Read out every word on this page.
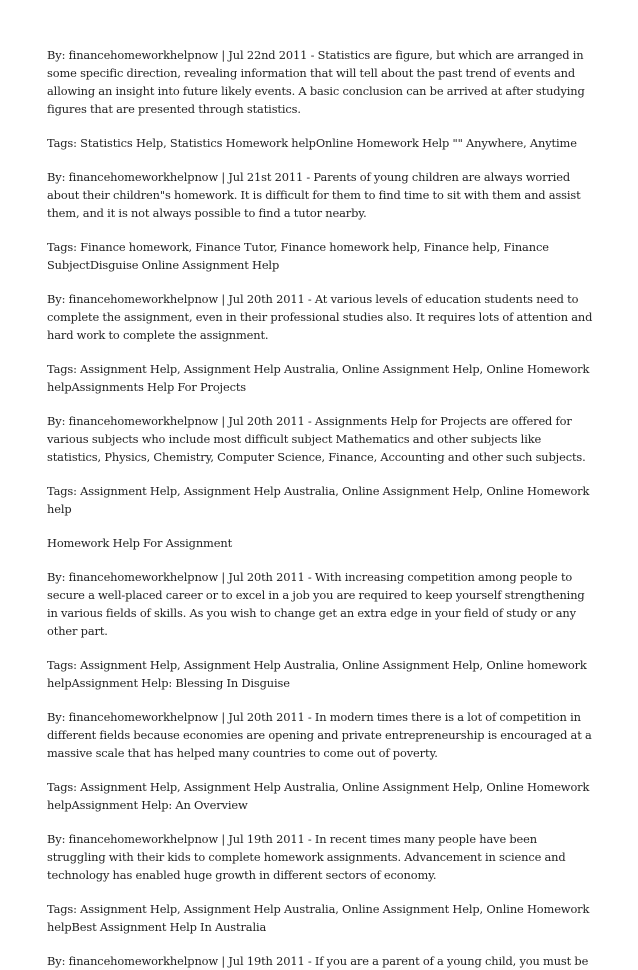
By: financehomeworkhelpnow | Jul 22nd 2011 - Statistics are figure, but which are arranged in some specific direction, revealing information that will tell about the past trend of events and allowing an insight into future likely events. A basic conclusion can be arrived at after studying figures that are presented through statistics.

Tags: Statistics Help, Statistics Homework helpOnline Homework Help "" Anywhere, Anytime

By: financehomeworkhelpnow | Jul 21st 2011 - Parents of young children are always worried about their children"s homework. It is difficult for them to find time to sit with them and assist them, and it is not always possible to find a tutor nearby.

Tags: Finance homework, Finance Tutor, Finance homework help, Finance help, Finance SubjectDisguise Online Assignment Help

By: financehomeworkhelpnow | Jul 20th 2011 - At various levels of education students need to complete the assignment, even in their professional studies also. It requires lots of attention and hard work to complete the assignment.

Tags: Assignment Help, Assignment Help Australia, Online Assignment Help, Online Homework helpAssignments Help For Projects

By: financehomeworkhelpnow | Jul 20th 2011 - Assignments Help for Projects are offered for various subjects who include most difficult subject Mathematics and other subjects like statistics, Physics, Chemistry, Computer Science, Finance, Accounting and other such subjects.

Tags: Assignment Help, Assignment Help Australia, Online Assignment Help, Online Homework help

Homework Help For Assignment

By: financehomeworkhelpnow | Jul 20th 2011 - With increasing competition among people to secure a well-placed career or to excel in a job you are required to keep yourself strengthening in various fields of skills. As you wish to change get an extra edge in your field of study or any other part.

Tags: Assignment Help, Assignment Help Australia, Online Assignment Help, Online homework helpAssignment Help: Blessing In Disguise

By: financehomeworkhelpnow | Jul 20th 2011 - In modern times there is a lot of competition in different fields because economies are opening and private entrepreneurship is encouraged at a massive scale that has helped many countries to come out of poverty.

Tags: Assignment Help, Assignment Help Australia, Online Assignment Help, Online Homework helpAssignment Help: An Overview

By: financehomeworkhelpnow | Jul 19th 2011 - In recent times many people have been struggling with their kids to complete homework assignments. Advancement in science and technology has enabled huge growth in different sectors of economy.

Tags: Assignment Help, Assignment Help Australia, Online Assignment Help, Online Homework helpBest Assignment Help In Australia

By: financehomeworkhelpnow | Jul 19th 2011 - If you are a parent of a young child, you must be
